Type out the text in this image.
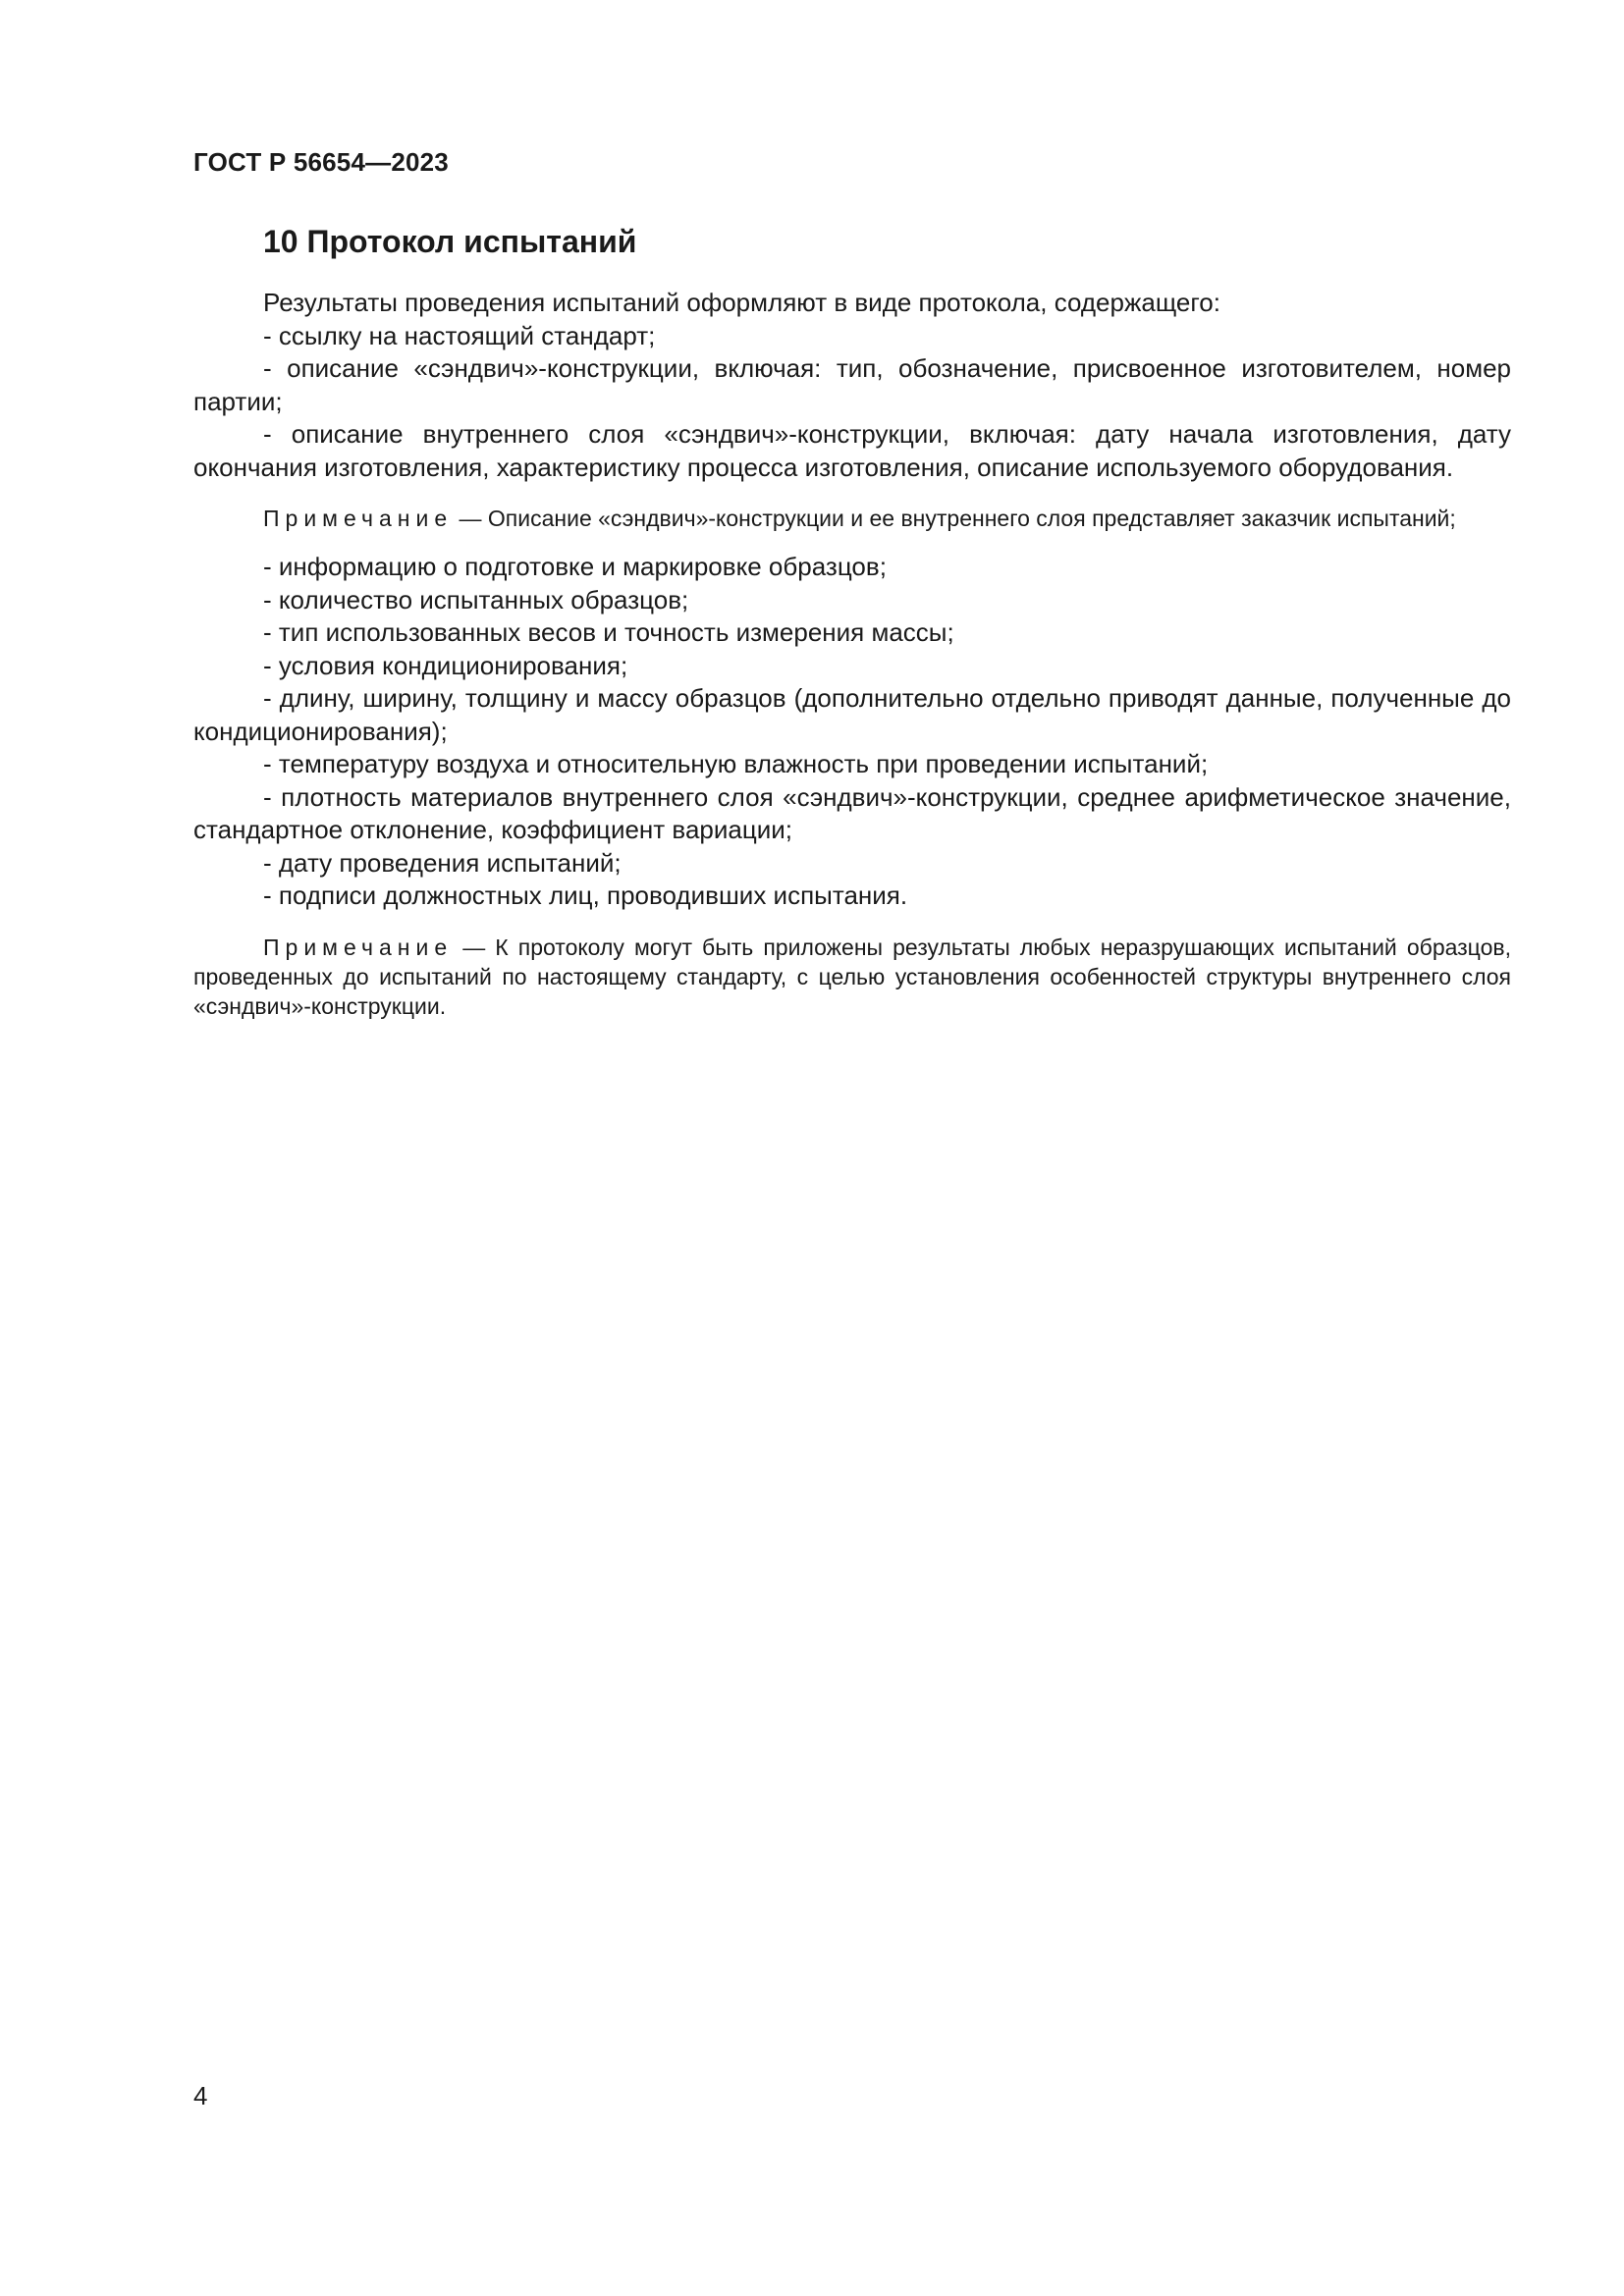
ГОСТ Р 56654—2023
10 Протокол испытаний

Результаты проведения испытаний оформляют в виде протокола, содержащего:

- ссылку на настоящий стандарт;

- описание «сэндвич»-конструкции, включая: тип, обозначение, присвоенное изготовителем, номер партии;

- описание внутреннего слоя «сэндвич»-конструкции, включая: дату начала изготовления, дату окончания изготовления, характеристику процесса изготовления, описание используемого оборудования.

Примечание — Описание «сэндвич»-конструкции и ее внутреннего слоя представляет заказчик испытаний;

- информацию о подготовке и маркировке образцов;

- количество испытанных образцов;

- тип использованных весов и точность измерения массы;

- условия кондиционирования;

- длину, ширину, толщину и массу образцов (дополнительно отдельно приводят данные, полученные до кондиционирования);

- температуру воздуха и относительную влажность при проведении испытаний;

- плотность материалов внутреннего слоя «сэндвич»-конструкции, среднее арифметическое значение, стандартное отклонение, коэффициент вариации;

- дату проведения испытаний;

- подписи должностных лиц, проводивших испытания.

Примечание — К протоколу могут быть приложены результаты любых неразрушающих испытаний образцов, проведенных до испытаний по настоящему стандарту, с целью установления особенностей структуры внутреннего слоя «сэндвич»-конструкции.

4
